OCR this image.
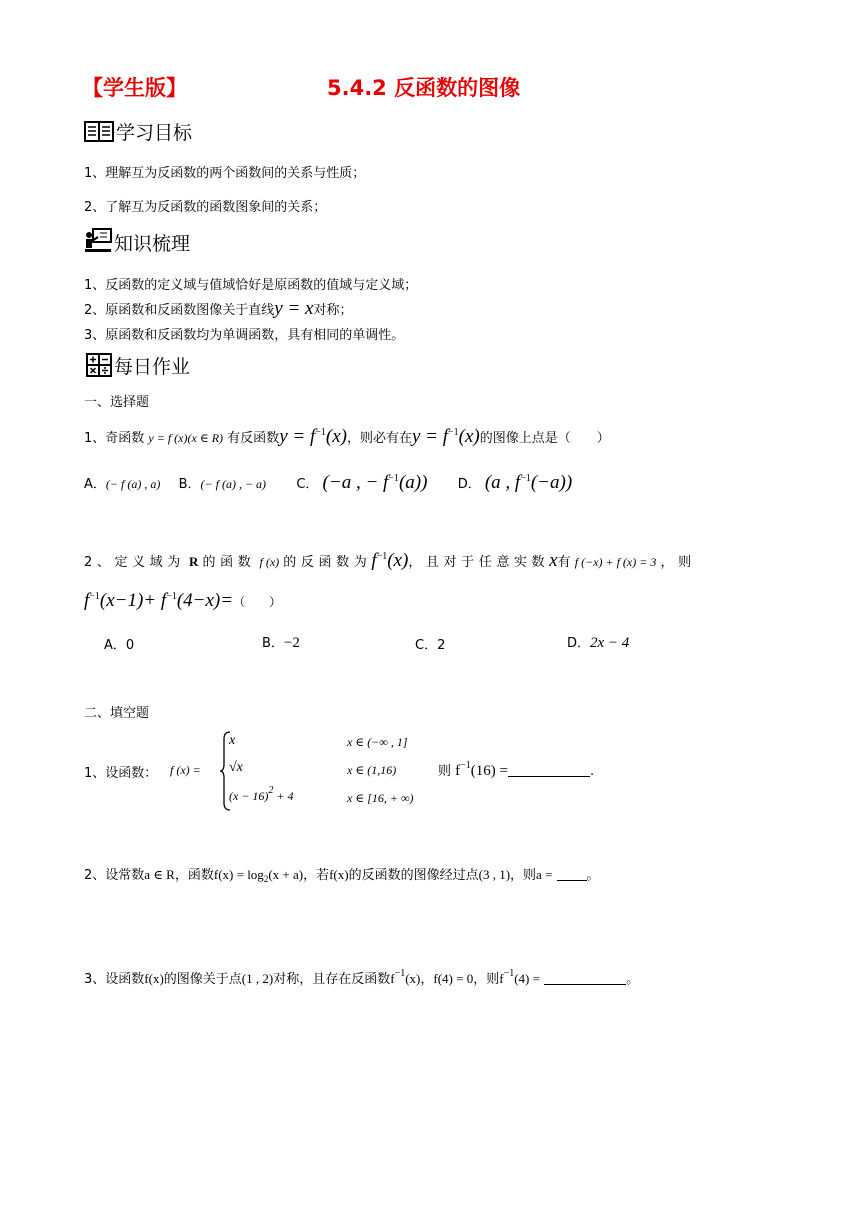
【学生版】	5.4.2 反函数的图像
学习目标
1、理解互为反函数的两个函数间的关系与性质；
2、了解互为反函数的函数图象间的关系；
知识梳理
1、反函数的定义域与值域恰好是原函数的值域与定义域；
2、原函数和反函数图像关于直线y = x对称；
3、原函数和反函数均为单调函数，具有相同的单调性。
每日作业
一、选择题
1、奇函数 y = f (x)(x ∈ R) 有反函数$y = f^{-1}(x)$，则必有在$y = f^{-1}(x)$的图像上点是（　　）
A．(− f (a) , a) B．(− f (a) , − a) C． (−a , − $f^{-1}(a)$) D． (a , $f^{-1}(-a)$)
2、定义域为 R 的函数 f (x) 的反函数为$f^{-1}(x)$，且对于任意实数x有 f (−x) + f (x) = 3 ，则
$f^{-1}(x-1)+ f^{-1}(4-x)=$（　　）
A．0	B．−2	C．2	D．2x − 4
二、填空题
1、设函数： f (x) =
x	x ∈ (−∞ , 1]
√x	x ∈ (1,16)
$(x - 16)^2 + 4$	x ∈ [16, + ∞)
则 $f^{-1}(16)$ =	.
2、设常数a ∈ R，函数$f(x) = \log_2(x + a)$，若f(x)的反函数的图像经过点(3 , 1)，则a =	。
3、设函数f(x)的图像关于点(1 , 2)对称，且存在反函数$f^{-1}(x)$，f(4) = 0，则$f^{-1}(4)$ =	。
